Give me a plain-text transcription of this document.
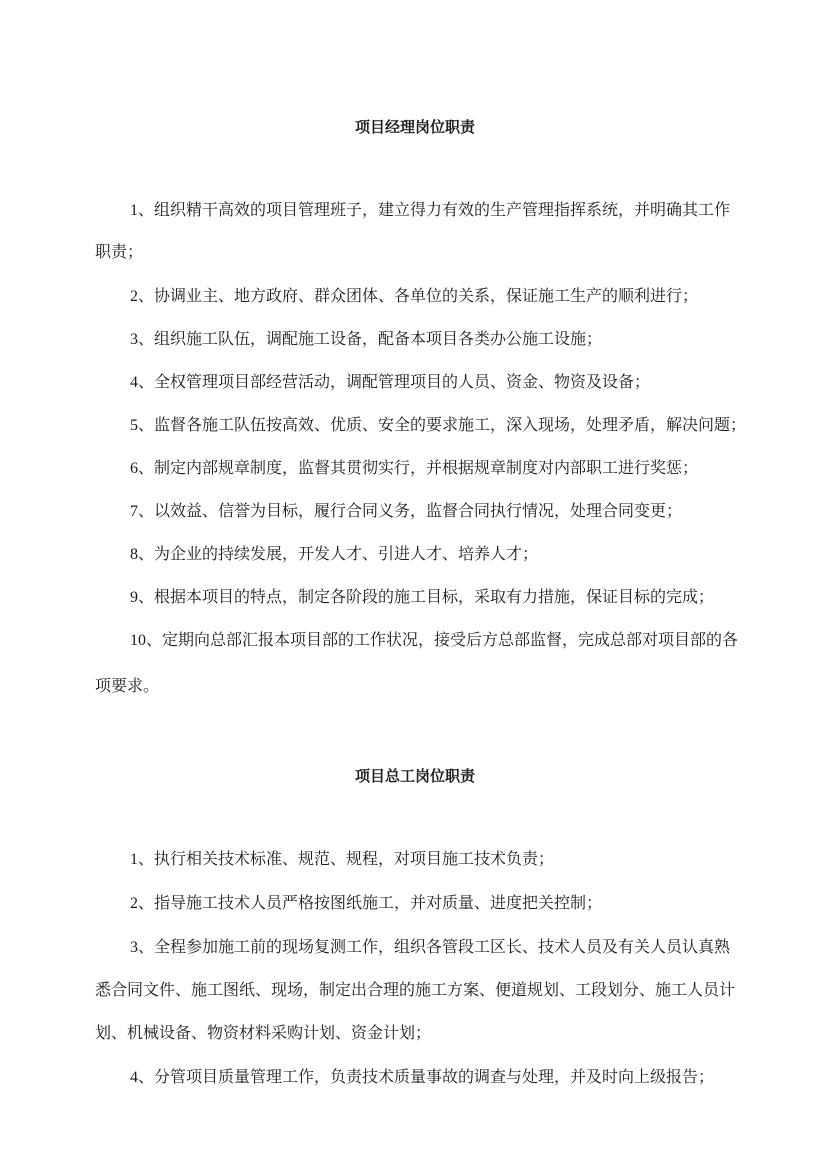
项目经理岗位职责
1、组织精干高效的项目管理班子，建立得力有效的生产管理指挥系统，并明确其工作
职责；
2、协调业主、地方政府、群众团体、各单位的关系，保证施工生产的顺利进行；
3、组织施工队伍，调配施工设备，配备本项目各类办公施工设施；
4、全权管理项目部经营活动，调配管理项目的人员、资金、物资及设备；
5、监督各施工队伍按高效、优质、安全的要求施工，深入现场，处理矛盾，解决问题；
6、制定内部规章制度，监督其贯彻实行，并根据规章制度对内部职工进行奖惩；
7、以效益、信誉为目标，履行合同义务，监督合同执行情况，处理合同变更；
8、为企业的持续发展，开发人才、引进人才、培养人才；
9、根据本项目的特点，制定各阶段的施工目标，采取有力措施，保证目标的完成；
10、定期向总部汇报本项目部的工作状况，接受后方总部监督，完成总部对项目部的各
项要求。
项目总工岗位职责
1、执行相关技术标准、规范、规程，对项目施工技术负责；
2、指导施工技术人员严格按图纸施工，并对质量、进度把关控制；
3、全程参加施工前的现场复测工作，组织各管段工区长、技术人员及有关人员认真熟
悉合同文件、施工图纸、现场，制定出合理的施工方案、便道规划、工段划分、施工人员计
划、机械设备、物资材料采购计划、资金计划；
4、分管项目质量管理工作，负责技术质量事故的调查与处理，并及时向上级报告；
